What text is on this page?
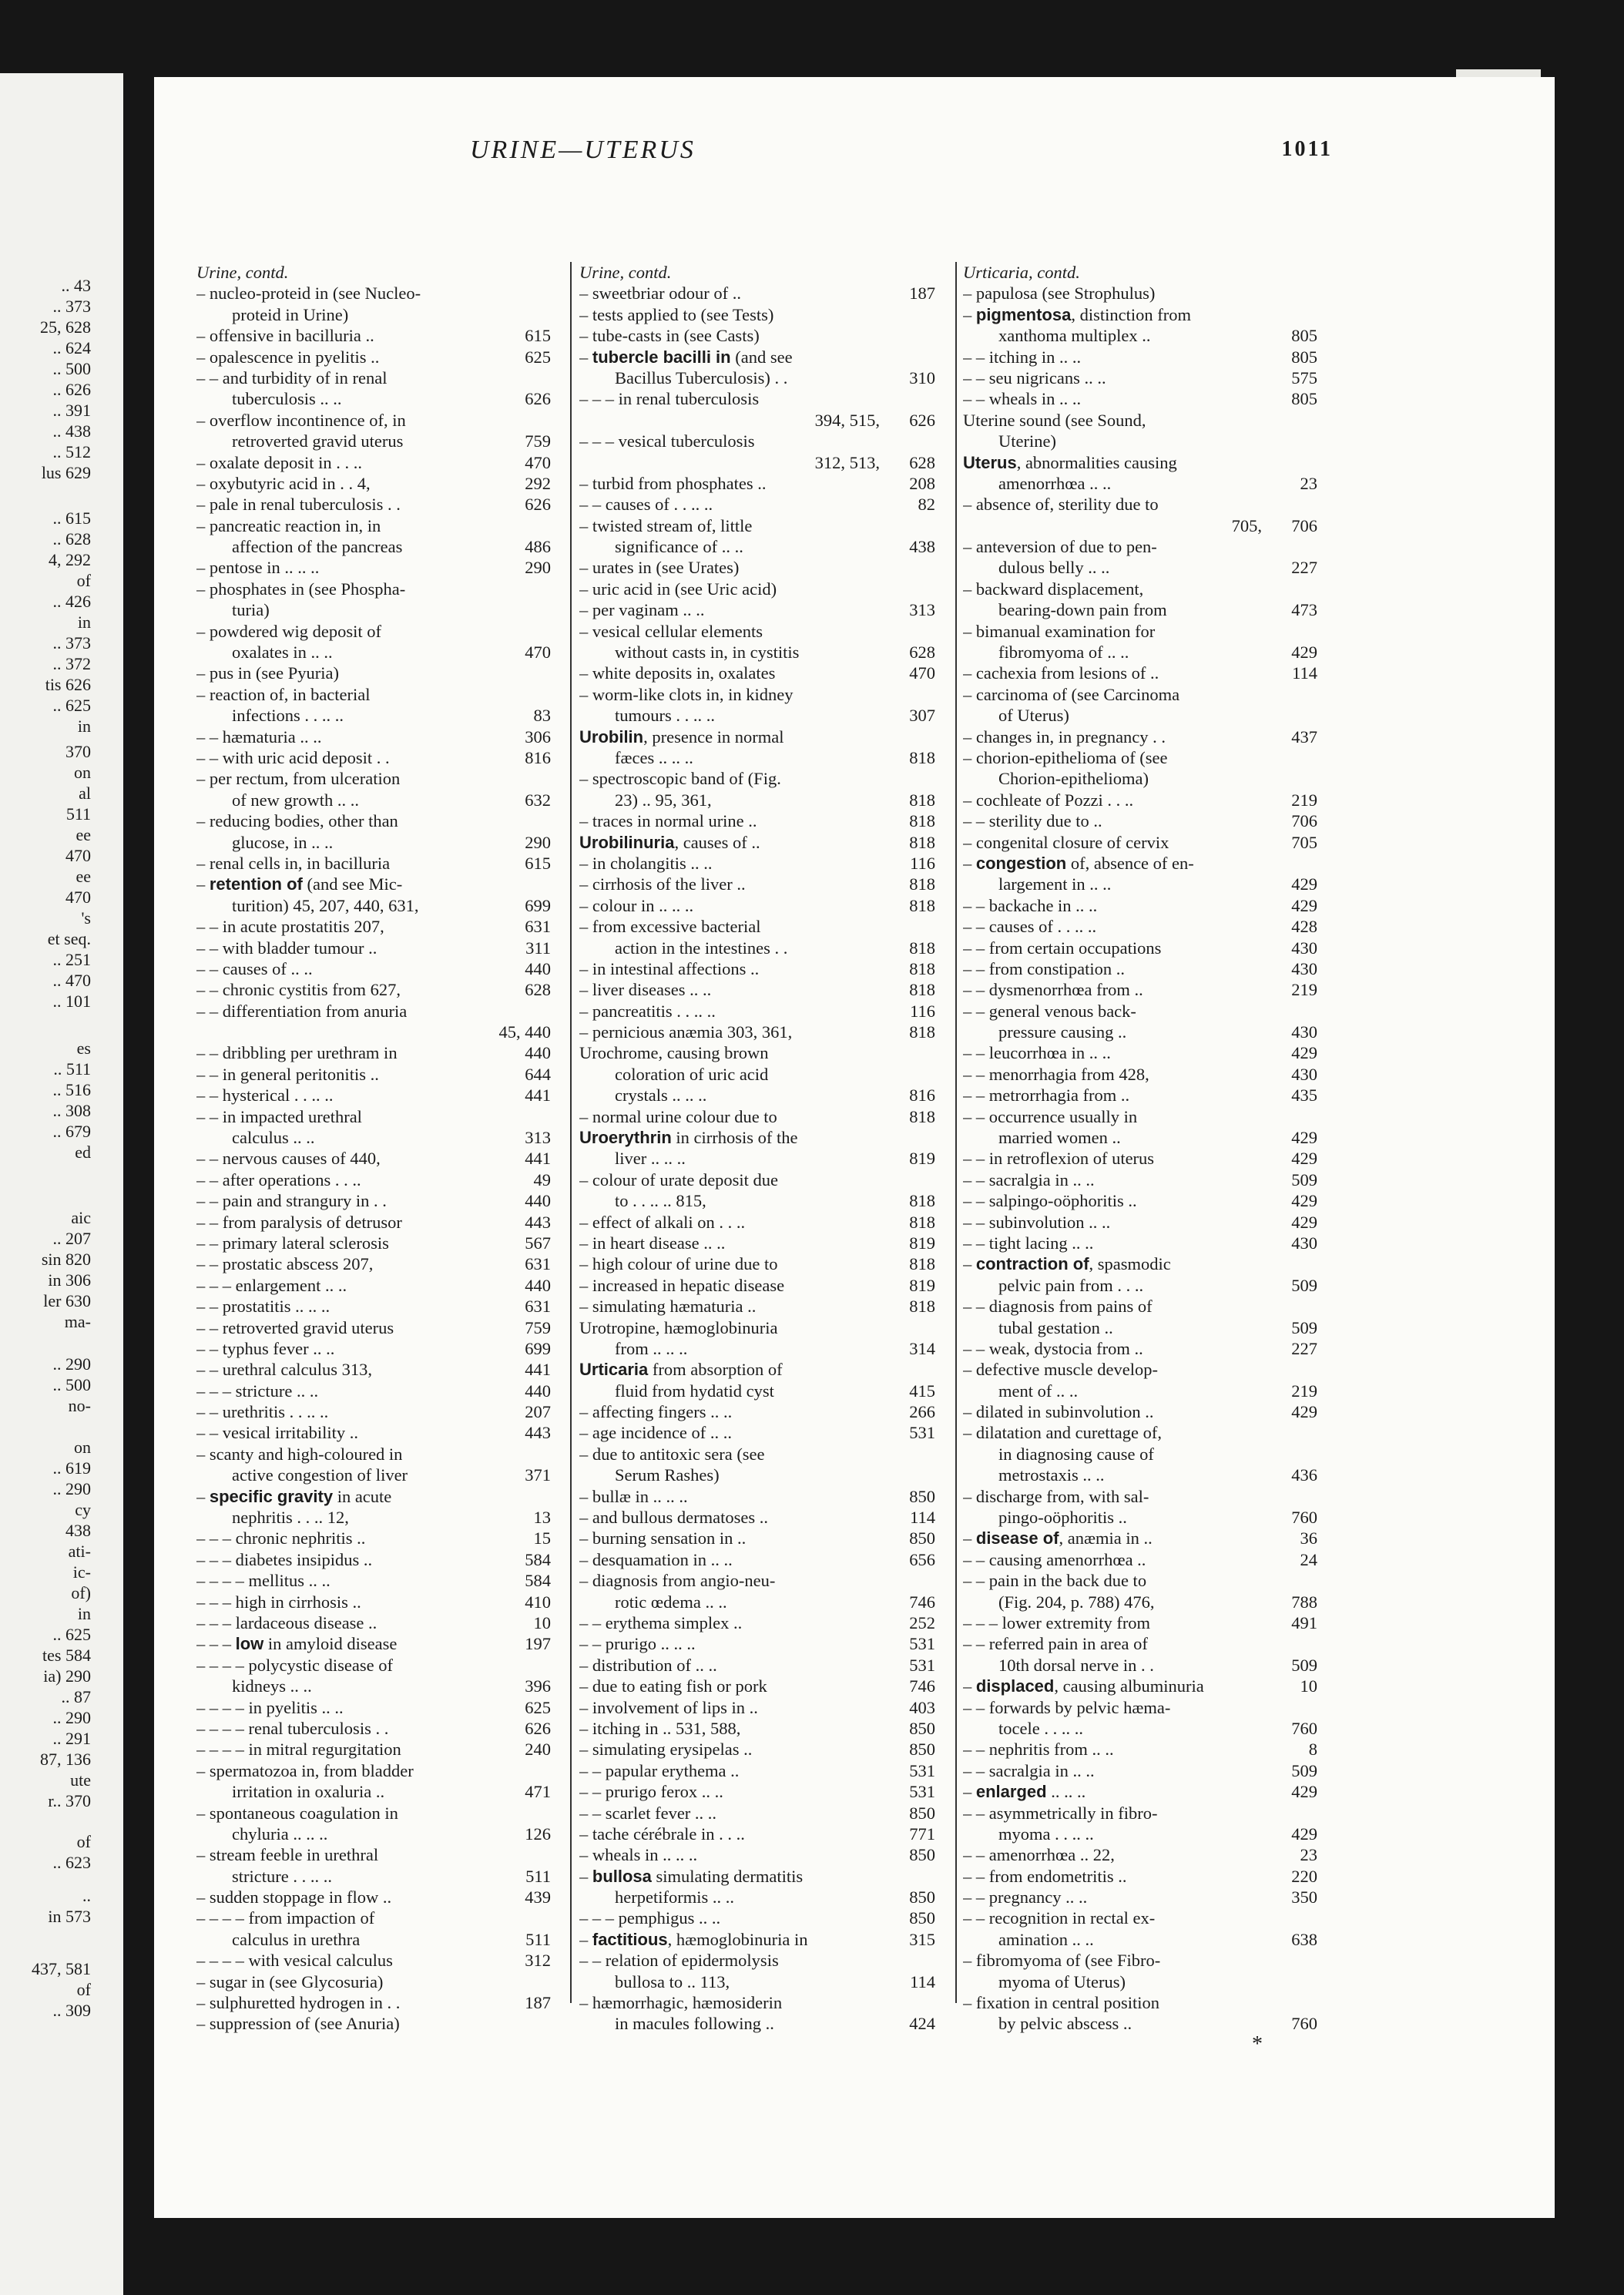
.. 43
.. 373
25, 628
.. 624
.. 500
.. 626
.. 391
.. 438
.. 512
lus 629
.. 615
.. 628
4, 292
of
.. 426
in
.. 373
.. 372
tis 626
.. 625
in
370
on
al
511
ee
470
ee
470
's
et seq.
.. 251
.. 470
.. 101
es
.. 511
.. 516
.. 308
.. 679
ed
aic
.. 207
sin 820
in 306
ler 630
ma-
.. 290
.. 500
no-
on
.. 619
.. 290
cy
438
ati-
ic-
of)
in
.. 625
tes 584
ia) 290
.. 87
.. 290
.. 291
87, 136
ute
r.. 370
of
.. 623
..
in 573
437, 581
of
.. 309
URINE—UTERUS	1011
Urine, contd.
– nucleo-proteid in (see Nucleo-
proteid in Urine)
– offensive in bacilluria ..	615
– opalescence in pyelitis ..	625
– – and turbidity of in renal
tuberculosis .. ..	626
– overflow incontinence of, in
retroverted gravid uterus	759
– oxalate deposit in . . ..	470
– oxybutyric acid in . . 4,	292
– pale in renal tuberculosis . .	626
– pancreatic reaction in, in
affection of the pancreas	486
– pentose in .. .. ..	290
– phosphates in (see Phospha-
turia)
– powdered wig deposit of
oxalates in .. ..	470
– pus in (see Pyuria)
– reaction of, in bacterial
infections . . .. ..	83
– – hæmaturia .. ..	306
– – with uric acid deposit . .	816
– per rectum, from ulceration
of new growth .. ..	632
– reducing bodies, other than
glucose, in .. ..	290
– renal cells in, in bacilluria	615
– retention of (and see Mic-
turition) 45, 207, 440, 631,	699
– – in acute prostatitis 207,	631
– – with bladder tumour ..	311
– – causes of .. ..	440
– – chronic cystitis from 627,	628
– – differentiation from anuria
45, 440
– – dribbling per urethram in	440
– – in general peritonitis ..	644
– – hysterical . . .. ..	441
– – in impacted urethral
calculus .. ..	313
– – nervous causes of 440,	441
– – after operations . . ..	49
– – pain and strangury in . .	440
– – from paralysis of detrusor	443
– – primary lateral sclerosis	567
– – prostatic abscess 207,	631
– – – enlargement .. ..	440
– – prostatitis .. .. ..	631
– – retroverted gravid uterus	759
– – typhus fever .. ..	699
– – urethral calculus 313,	441
– – – stricture .. ..	440
– – urethritis . . .. ..	207
– – vesical irritability ..	443
– scanty and high-coloured in
active congestion of liver	371
– specific gravity in acute
nephritis . . .. 12,	13
– – – chronic nephritis ..	15
– – – diabetes insipidus ..	584
– – – – mellitus .. ..	584
– – – high in cirrhosis ..	410
– – – lardaceous disease ..	10
– – – low in amyloid disease	197
– – – – polycystic disease of
kidneys .. ..	396
– – – – in pyelitis .. ..	625
– – – – renal tuberculosis . .	626
– – – – in mitral regurgitation	240
– spermatozoa in, from bladder
irritation in oxaluria ..	471
– spontaneous coagulation in
chyluria .. .. ..	126
– stream feeble in urethral
stricture . . .. ..	511
– sudden stoppage in flow ..	439
– – – – from impaction of
calculus in urethra	511
– – – – with vesical calculus	312
– sugar in (see Glycosuria)
– sulphuretted hydrogen in . .	187
– suppression of (see Anuria)
Urine, contd.
– sweetbriar odour of ..	187
– tests applied to (see Tests)
– tube-casts in (see Casts)
– tubercle bacilli in (and see
Bacillus Tuberculosis) . .	310
– – – in renal tuberculosis
394, 515, 626
– – – vesical tuberculosis
312, 513, 628
– turbid from phosphates ..	208
– – causes of . . .. ..	82
– twisted stream of, little
significance of .. ..	438
– urates in (see Urates)
– uric acid in (see Uric acid)
– per vaginam .. ..	313
– vesical cellular elements
without casts in, in cystitis	628
– white deposits in, oxalates	470
– worm-like clots in, in kidney
tumours . . .. ..	307
Urobilin, presence in normal
fæces .. .. ..	818
– spectroscopic band of (Fig.
23) .. 95, 361,	818
– traces in normal urine ..	818
Urobilinuria, causes of ..	818
– in cholangitis .. ..	116
– cirrhosis of the liver ..	818
– colour in .. .. ..	818
– from excessive bacterial
action in the intestines . .	818
– in intestinal affections ..	818
– liver diseases .. ..	818
– pancreatitis . . .. ..	116
– pernicious anæmia 303, 361,	818
Urochrome, causing brown
coloration of uric acid
crystals .. .. ..	816
– normal urine colour due to	818
Uroerythrin in cirrhosis of the
liver .. .. ..	819
– colour of urate deposit due
to . . .. .. 815,	818
– effect of alkali on . . ..	818
– in heart disease .. ..	819
– high colour of urine due to	818
– increased in hepatic disease	819
– simulating hæmaturia ..	818
Urotropine, hæmoglobinuria
from .. .. ..	314
Urticaria from absorption of
fluid from hydatid cyst	415
– affecting fingers .. ..	266
– age incidence of .. ..	531
– due to antitoxic sera (see
Serum Rashes)
– bullæ in .. .. ..	850
– and bullous dermatoses ..	114
– burning sensation in ..	850
– desquamation in .. ..	656
– diagnosis from angio-neu-
rotic œdema .. ..	746
– – erythema simplex ..	252
– – prurigo .. .. ..	531
– distribution of .. ..	531
– due to eating fish or pork	746
– involvement of lips in ..	403
– itching in .. 531, 588,	850
– simulating erysipelas ..	850
– – papular erythema ..	531
– – prurigo ferox .. ..	531
– – scarlet fever .. ..	850
– tache cérébrale in . . ..	771
– wheals in .. .. ..	850
– bullosa simulating dermatitis
herpetiformis .. ..	850
– – – pemphigus .. ..	850
– factitious, hæmoglobinuria in	315
– – relation of epidermolysis
bullosa to .. 113,	114
– hæmorrhagic, hæmosiderin
in macules following ..	424
Urticaria, contd.
– papulosa (see Strophulus)
– pigmentosa, distinction from
xanthoma multiplex ..	805
– – itching in .. ..	805
– – seu nigricans .. ..	575
– – wheals in .. ..	805
Uterine sound (see Sound,
Uterine)
Uterus, abnormalities causing
amenorrhœa .. ..	23
– absence of, sterility due to
705, 706
– anteversion of due to pen-
dulous belly .. ..	227
– backward displacement,
bearing-down pain from	473
– bimanual examination for
fibromyoma of .. ..	429
– cachexia from lesions of ..	114
– carcinoma of (see Carcinoma
of Uterus)
– changes in, in pregnancy . .	437
– chorion-epithelioma of (see
Chorion-epithelioma)
– cochleate of Pozzi . . ..	219
– – sterility due to ..	706
– congenital closure of cervix	705
– congestion of, absence of en-
largement in .. ..	429
– – backache in .. ..	429
– – causes of . . .. ..	428
– – from certain occupations	430
– – from constipation ..	430
– – dysmenorrhœa from ..	219
– – general venous back-
pressure causing ..	430
– – leucorrhœa in .. ..	429
– – menorrhagia from 428,	430
– – metrorrhagia from ..	435
– – occurrence usually in
married women ..	429
– – in retroflexion of uterus	429
– – sacralgia in .. ..	509
– – salpingo-oöphoritis ..	429
– – subinvolution .. ..	429
– – tight lacing .. ..	430
– contraction of, spasmodic
pelvic pain from . . ..	509
– – diagnosis from pains of
tubal gestation ..	509
– – weak, dystocia from ..	227
– defective muscle develop-
ment of .. ..	219
– dilated in subinvolution ..	429
– dilatation and curettage of,
in diagnosing cause of
metrostaxis .. ..	436
– discharge from, with sal-
pingo-oöphoritis ..	760
– disease of, anæmia in ..	36
– – causing amenorrhœa ..	24
– – pain in the back due to
(Fig. 204, p. 788) 476,	788
– – – lower extremity from	491
– – referred pain in area of
10th dorsal nerve in . .	509
– displaced, causing albuminuria	10
– – forwards by pelvic hæma-
tocele . . .. ..	760
– – nephritis from .. ..	8
– – sacralgia in .. ..	509
– enlarged .. .. ..	429
– – asymmetrically in fibro-
myoma . . .. ..	429
– – amenorrhœa .. 22,	23
– – from endometritis ..	220
– – pregnancy .. ..	350
– – recognition in rectal ex-
amination .. ..	638
– fibromyoma of (see Fibro-
myoma of Uterus)
– fixation in central position
by pelvic abscess ..	760
*
